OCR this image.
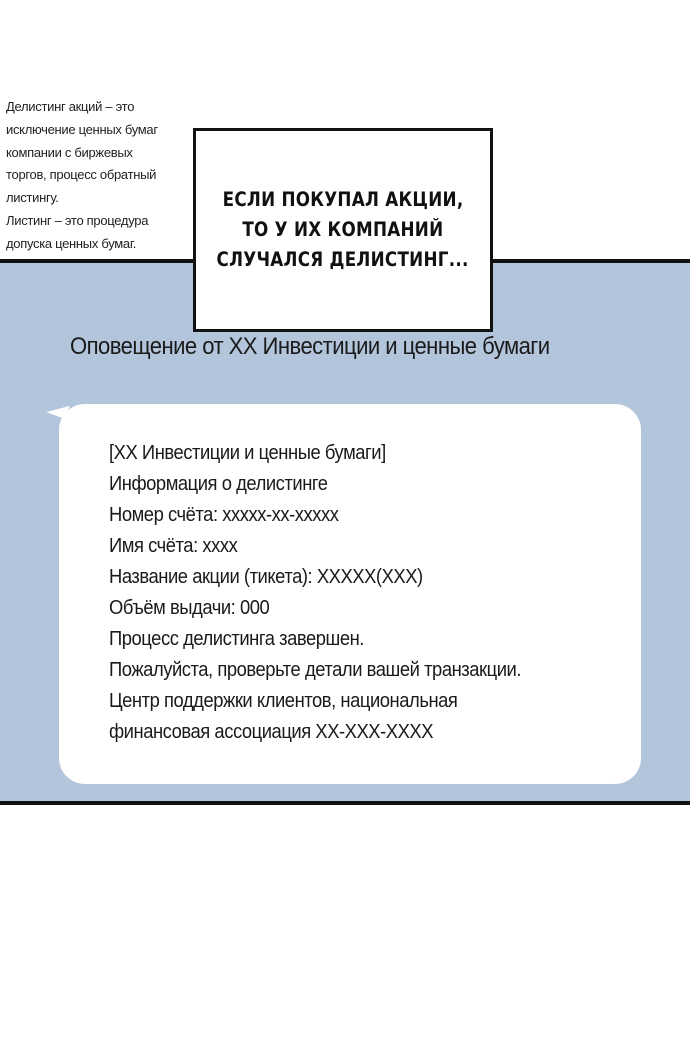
Делистинг акций – это
исключение ценных бумаг
компании с биржевых
торгов, процесс обратный
листингу.
Листинг – это процедура
допуска ценных бумаг.
ЕСЛИ ПОКУПАЛ АКЦИИ,
ТО У ИХ КОМПАНИЙ
СЛУЧАЛСЯ ДЕЛИСТИНГ...
Оповещение от XX Инвестиции и ценные бумаги
[XX Инвестиции и ценные бумаги]
Информация о делистинге
Номер счёта: xxxxx-xx-xxxxx
Имя счёта: xxxx
Название акции (тикета): XXXXX(XXX)
Объём выдачи: 000
Процесс делистинга завершен.
Пожалуйста, проверьте детали вашей транзакции.
Центр поддержки клиентов, национальная
финансовая ассоциация XX-XXX-XXXX
